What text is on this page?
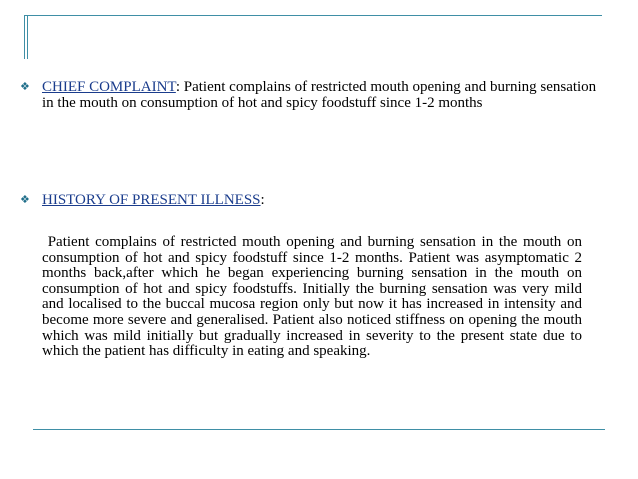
❖ CHIEF COMPLAINT: Patient complains of restricted mouth opening and burning sensation in the mouth on consumption of hot and spicy foodstuff since 1-2 months
❖ HISTORY OF PRESENT ILLNESS:
Patient complains of restricted mouth opening and burning sensation in the mouth on consumption of hot and spicy foodstuff since 1-2 months. Patient was asymptomatic 2 months back,after which he began experiencing burning sensation in the mouth on consumption of hot and spicy foodstuffs. Initially the burning sensation was very mild and localised to the buccal mucosa region only but now it has increased in intensity and become more severe and generalised. Patient also noticed stiffness on opening the mouth which was mild initially but gradually increased in severity to the present state due to which the patient has difficulty in eating and speaking.
